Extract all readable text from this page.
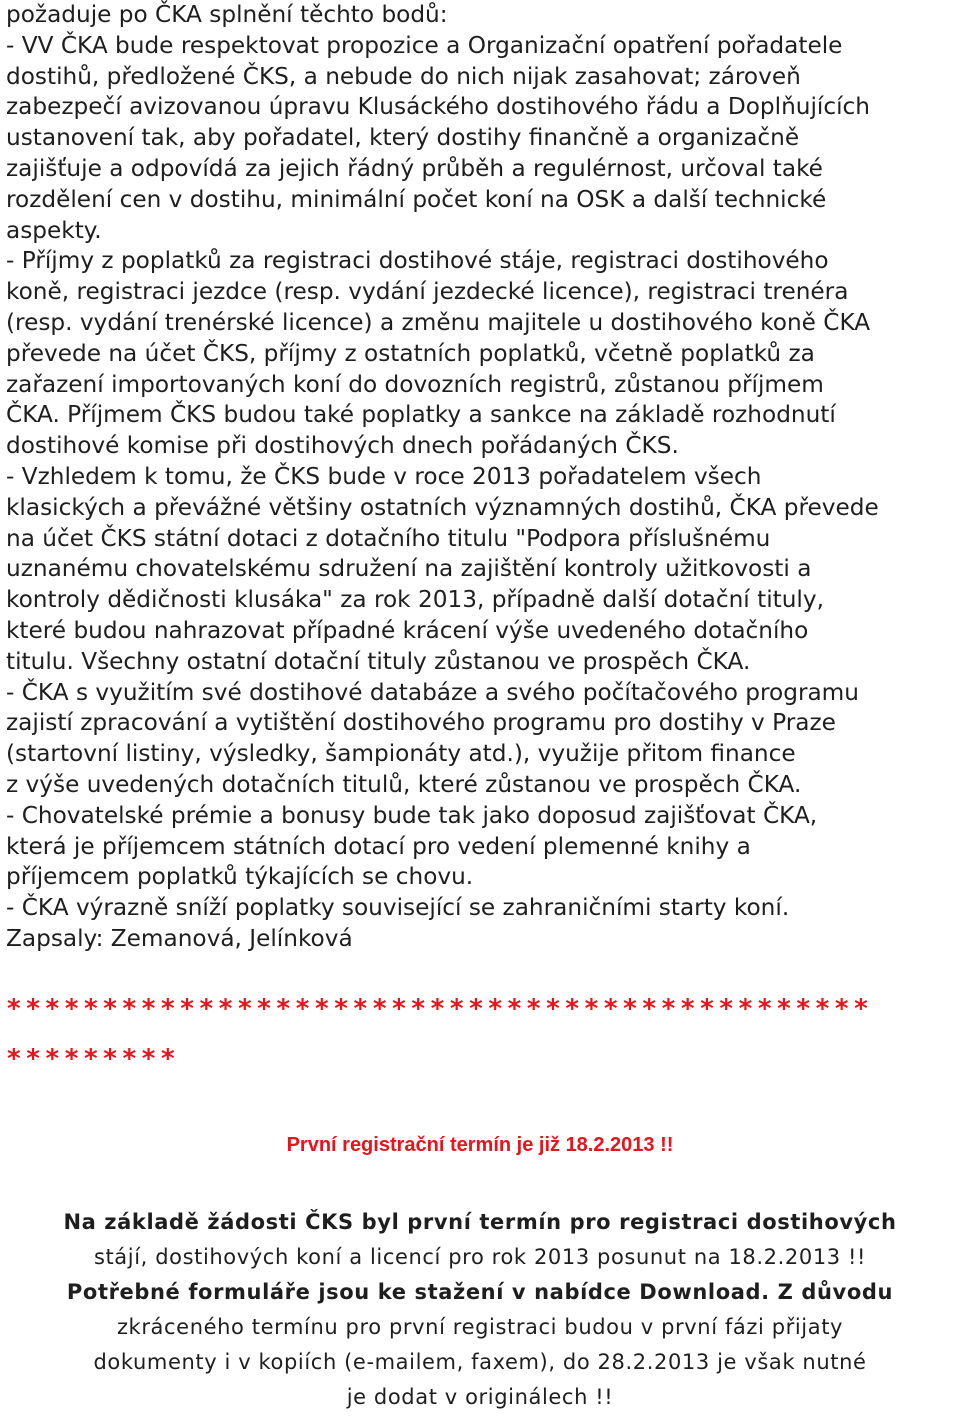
požaduje po ČKA splnění těchto bodů:
- VV ČKA bude respektovat propozice a Organizační opatření pořadatele
dostihů, předložené ČKS, a nebude do nich nijak zasahovat; zároveň
zabezpečí avizovanou úpravu Klusáckého dostihového řádu a Doplňujících
ustanovení tak, aby pořadatel, který dostihy finančně a organizačně
zajišťuje a odpovídá za jejich řádný průběh a regulérnost, určoval také
rozdělení cen v dostihu, minimální počet koní na OSK a další technické
aspekty.
- Příjmy z poplatků za registraci dostihové stáje, registraci dostihového
koně, registraci jezdce (resp. vydání jezdecké licence), registraci trenéra
(resp. vydání trenérské licence) a změnu majitele u dostihového koně ČKA
převede na účet ČKS, příjmy z ostatních poplatků, včetně poplatků za
zařazení importovaných koní do dovozních registrů, zůstanou příjmem
ČKA. Příjmem ČKS budou také poplatky a sankce na základě rozhodnutí
dostihové komise při dostihových dnech pořádaných ČKS.
- Vzhledem k tomu, že ČKS bude v roce 2013 pořadatelem všech
klasických a převážné většiny ostatních významných dostihů, ČKA převede
na účet ČKS státní dotaci z dotačního titulu "Podpora příslušnému
uznanému chovatelskému sdružení na zajištění kontroly užitkovosti a
kontroly dědičnosti klusáka" za rok 2013, případně další dotační tituly,
které budou nahrazovat případné krácení výše uvedeného dotačního
titulu. Všechny ostatní dotační tituly zůstanou ve prospěch ČKA.
- ČKA s využitím své dostihové databáze a svého počítačového programu
zajistí zpracování a vytištění dostihového programu pro dostihy v Praze
(startovní listiny, výsledky, šampionáty atd.), využije přitom finance
z výše uvedených dotačních titulů, které zůstanou ve prospěch ČKA.
- Chovatelské prémie a bonusy bude tak jako doposud zajišťovat ČKA,
která je příjemcem státních dotací pro vedení plemenné knihy a
příjemcem poplatků týkajících se chovu.
- ČKA výrazně sníží poplatky související se zahraničními starty koní.
Zapsaly: Zemanová, Jelínková
*********************************************
*********
První registrační termín je již 18.2.2013 !!
Na základě žádosti ČKS byl první termín pro registraci dostihových
stájí, dostihových koní a licencí pro rok 2013 posunut na 18.2.2013 !!
Potřebné formuláře jsou ke stažení v nabídce Download. Z důvodu
zkráceného termínu pro první registraci budou v první fázi přijaty
dokumenty i v kopiích (e-mailem, faxem), do 28.2.2013 je však nutné
je dodat v originálech !!
